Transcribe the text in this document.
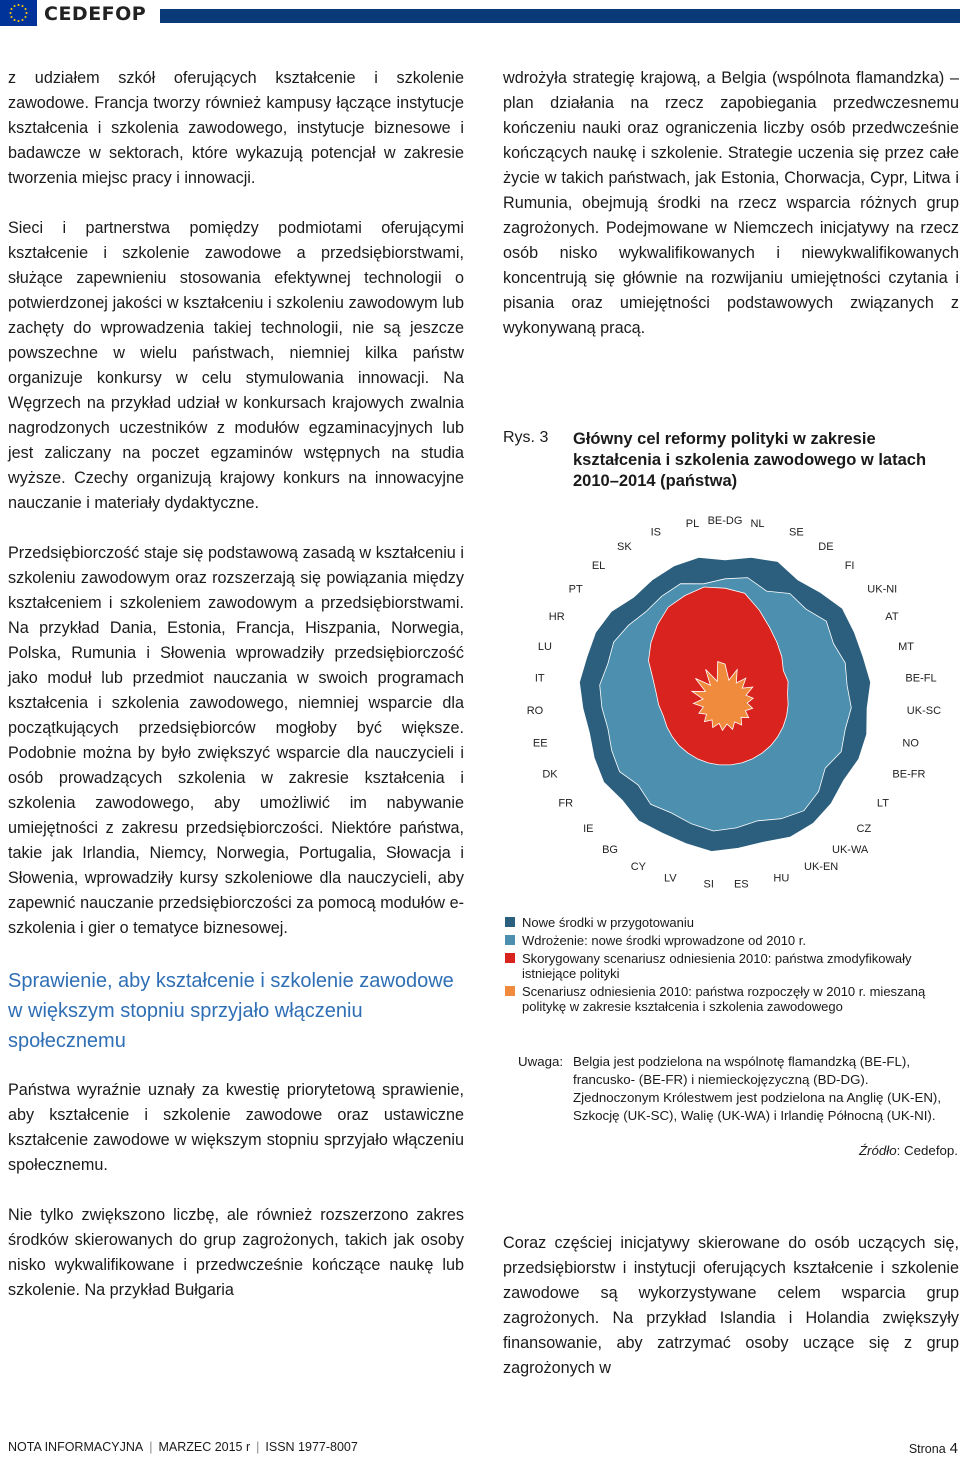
CEDEFOP

z udziałem szkół oferujących kształcenie i szkolenie zawodowe. Francja tworzy również kampusy łączące instytucje kształcenia i szkolenia zawodowego, instytucje biznesowe i badawcze w sektorach, które wykazują potencjał w zakresie tworzenia miejsc pracy i innowacji.

Sieci i partnerstwa pomiędzy podmiotami oferującymi kształcenie i szkolenie zawodowe a przedsiębiorstwami, służące zapewnieniu stosowania efektywnej technologii o potwierdzonej jakości w kształceniu i szkoleniu zawodowym lub zachęty do wprowadzenia takiej technologii, nie są jeszcze powszechne w wielu państwach, niemniej kilka państw organizuje konkursy w celu stymulowania innowacji. Na Węgrzech na przykład udział w konkursach krajowych zwalnia nagrodzonych uczestników z modułów egzaminacyjnych lub jest zaliczany na poczet egzaminów wstępnych na studia wyższe. Czechy organizują krajowy konkurs na innowacyjne nauczanie i materiały dydaktyczne.

Przedsiębiorczość staje się podstawową zasadą w kształceniu i szkoleniu zawodowym oraz rozszerzają się powiązania między kształceniem i szkoleniem zawodowym a przedsiębiorstwami. Na przykład Dania, Estonia, Francja, Hiszpania, Norwegia, Polska, Rumunia i Słowenia wprowadziły przedsiębiorczość jako moduł lub przedmiot nauczania w swoich programach kształcenia i szkolenia zawodowego, niemniej wsparcie dla początkujących przedsiębiorców mogłoby być większe. Podobnie można by było zwiększyć wsparcie dla nauczycieli i osób prowadzących szkolenia w zakresie kształcenia i szkolenia zawodowego, aby umożliwić im nabywanie umiejętności z zakresu przedsiębiorczości. Niektóre państwa, takie jak Irlandia, Niemcy, Norwegia, Portugalia, Słowacja i Słowenia, wprowadziły kursy szkoleniowe dla nauczycieli, aby zapewnić nauczanie przedsiębiorczości za pomocą modułów e-szkolenia i gier o tematyce biznesowej.

Sprawienie, aby kształcenie i szkolenie zawodowe w większym stopniu sprzyjało włączeniu społecznemu

Państwa wyraźnie uznały za kwestię priorytetową sprawienie, aby kształcenie i szkolenie zawodowe oraz ustawiczne kształcenie zawodowe w większym stopniu sprzyjało włączeniu społecznemu.

Nie tylko zwiększono liczbę, ale również rozszerzono zakres środków skierowanych do grup zagrożonych, takich jak osoby nisko wykwalifikowane i przedwcześnie kończące naukę lub szkolenie. Na przykład Bułgaria

wdrożyła strategię krajową, a Belgia (wspólnota flamandzka) – plan działania na rzecz zapobiegania przedwczesnemu kończeniu nauki oraz ograniczenia liczby osób przedwcześnie kończących naukę i szkolenie. Strategie uczenia się przez całe życie w takich państwach, jak Estonia, Chorwacja, Cypr, Litwa i Rumunia, obejmują środki na rzecz wsparcia różnych grup zagrożonych. Podejmowane w Niemczech inicjatywy na rzecz osób nisko wykwalifikowanych i niewykwalifikowanych koncentrują się głównie na rozwijaniu umiejętności czytania i pisania oraz umiejętności podstawowych związanych z wykonywaną pracą.

Rys. 3 Główny cel reformy polityki w zakresie kształcenia i szkolenia zawodowego w latach 2010–2014 (państwa)
BE-DG NL
SE
DE
FI
UK-NI
AT
MT
BE-FL
UK-SC
NO
BE-FR
LT
CZ
UK-WA
UK-EN
HU
ES
SI
LV
CY
BG
IE
FR
DK
EE
RO
IT
LU
HR
PT
EL
SK
IS
PL
Nowe środki w przygotowaniu
Wdrożenie: nowe środki wprowadzone od 2010 r.
Skorygowany scenariusz odniesienia 2010: państwa zmodyfikowały istniejące polityki
Scenariusz odniesienia 2010: państwa rozpoczęły w 2010 r. mieszaną politykę w zakresie kształcenia i szkolenia zawodowego
Uwaga: Belgia jest podzielona na wspólnotę flamandzką (BE-FL), francusko- (BE-FR) i niemieckojęzyczną (BD-DG). Zjednoczonym Królestwem jest podzielona na Anglię (UK-EN), Szkocję (UK-SC), Walię (UK-WA) i Irlandię Północną (UK-NI).
Źródło: Cedefop.

Coraz częściej inicjatywy skierowane do osób uczących się, przedsiębiorstw i instytucji oferujących kształcenie i szkolenie zawodowe są wykorzystywane celem wsparcia grup zagrożonych. Na przykład Islandia i Holandia zwiększyły finansowanie, aby zatrzymać osoby uczące się z grup zagrożonych w

NOTA INFORMACYJNA | MARZEC 2015 r | ISSN 1977-8007	Strona 4
